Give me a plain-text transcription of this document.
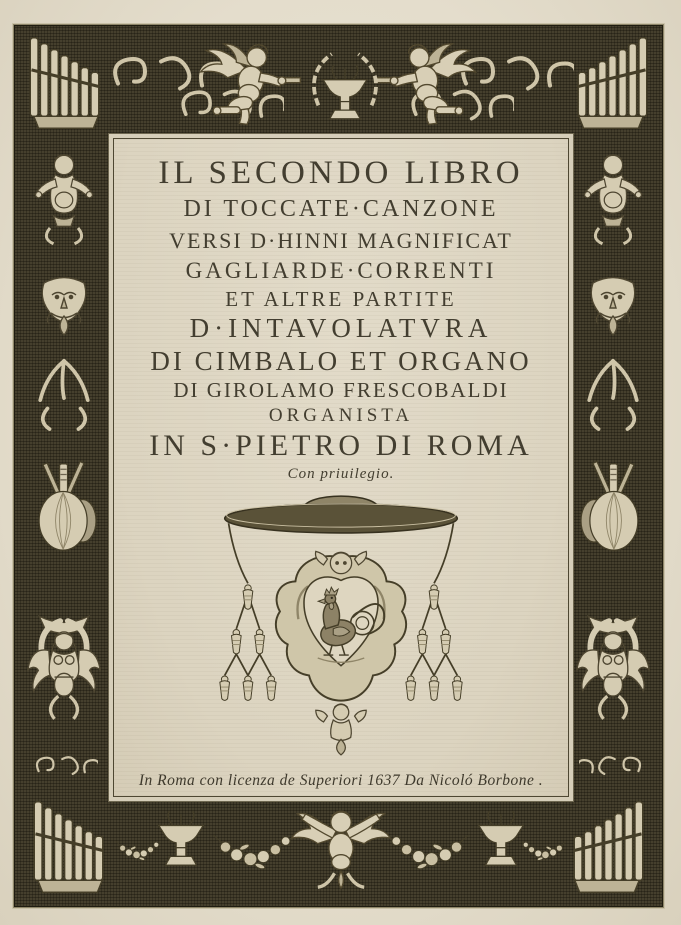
IL SECONDO LIBRO
DI TOCCATE·CANZONE
VERSI D·HINNI MAGNIFICAT
GAGLIARDE·CORRENTI
ET ALTRE PARTITE
D·INTAVOLATVRA
DI CIMBALO ET ORGANO
DI GIROLAMO FRESCOBALDI
ORGANISTA
IN S·PIETRO DI ROMA
Con priuilegio.
In Roma con licenza de Superiori 1637 Da Nicoló Borbone .
